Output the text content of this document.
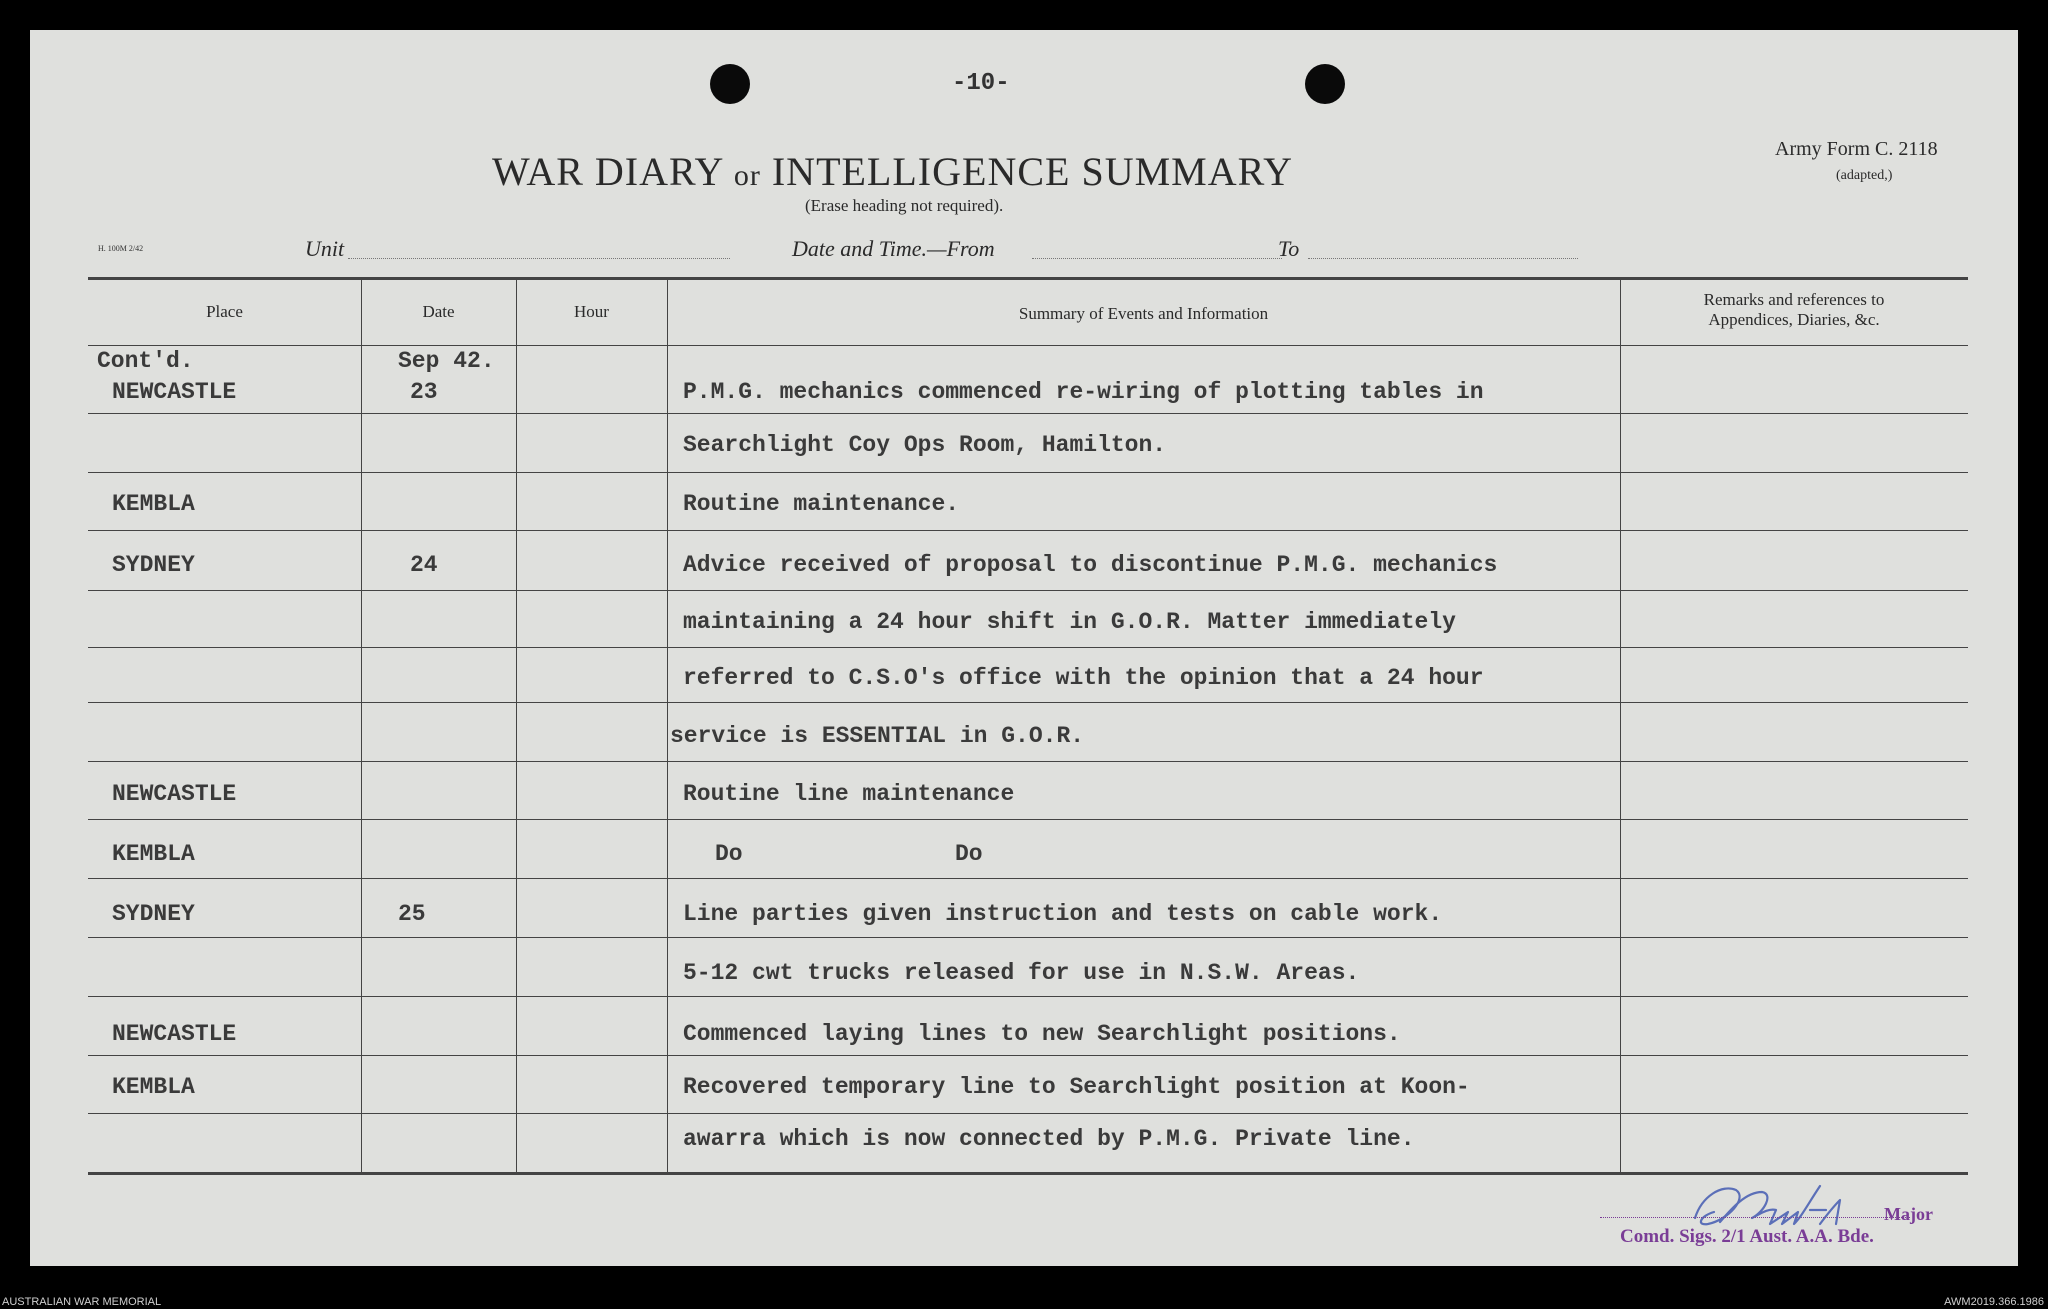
-10-
WAR DIARY or INTELLIGENCE SUMMARY
(Erase heading not required).
Army Form C. 2118
(adapted,)
H. 100M 2/42	Unit	Date and Time.—From	To
Place	Date	Hour	Summary of Events and Information
Remarks and references to
Appendices, Diaries, &c.
Cont'd.	Sep 42.
NEWCASTLE	23	P.M.G. mechanics commenced re-wiring of plotting tables in
Searchlight Coy Ops Room, Hamilton.
KEMBLA	Routine maintenance.
SYDNEY	24	Advice received of proposal to discontinue P.M.G. mechanics
maintaining a 24 hour shift in G.O.R. Matter immediately
referred to C.S.O's office with the opinion that a 24 hour
service is ESSENTIAL in G.O.R.
NEWCASTLE	Routine line maintenance
KEMBLA	Do	Do
SYDNEY	25	Line parties given instruction and tests on cable work.
5-12 cwt trucks released for use in N.S.W. Areas.
NEWCASTLE	Commenced laying lines to new Searchlight positions.
KEMBLA	Recovered temporary line to Searchlight position at Koon-
awarra which is now connected by P.M.G. Private line.
Major
Comd. Sigs. 2/1 Aust. A.A. Bde.
AUSTRALIAN WAR MEMORIAL	AWM2019.366.1986
